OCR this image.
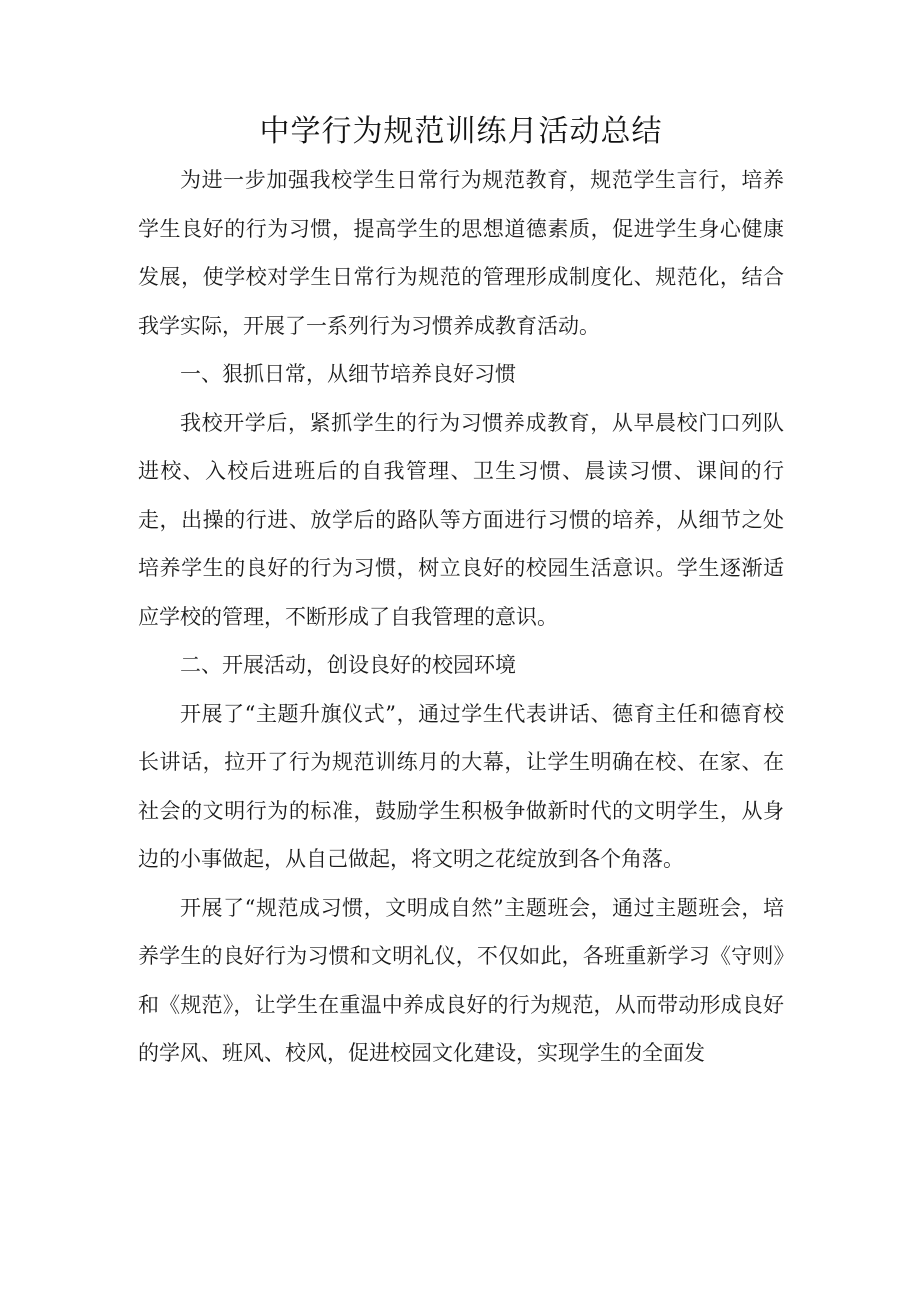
中学行为规范训练月活动总结

为进一步加强我校学生日常行为规范教育，规范学生言行，培养学生良好的行为习惯，提高学生的思想道德素质，促进学生身心健康发展，使学校对学生日常行为规范的管理形成制度化、规范化，结合我学实际，开展了一系列行为习惯养成教育活动。

一、狠抓日常，从细节培养良好习惯

我校开学后，紧抓学生的行为习惯养成教育，从早晨校门口列队进校、入校后进班后的自我管理、卫生习惯、晨读习惯、课间的行走，出操的行进、放学后的路队等方面进行习惯的培养，从细节之处培养学生的良好的行为习惯，树立良好的校园生活意识。学生逐渐适应学校的管理，不断形成了自我管理的意识。

二、开展活动，创设良好的校园环境

开展了“主题升旗仪式”，通过学生代表讲话、德育主任和德育校长讲话，拉开了行为规范训练月的大幕，让学生明确在校、在家、在社会的文明行为的标准，鼓励学生积极争做新时代的文明学生，从身边的小事做起，从自己做起，将文明之花绽放到各个角落。

开展了“规范成习惯，文明成自然”主题班会，通过主题班会，培养学生的良好行为习惯和文明礼仪，不仅如此，各班重新学习《守则》和《规范》，让学生在重温中养成良好的行为规范，从而带动形成良好的学风、班风、校风，促进校园文化建设，实现学生的全面发
